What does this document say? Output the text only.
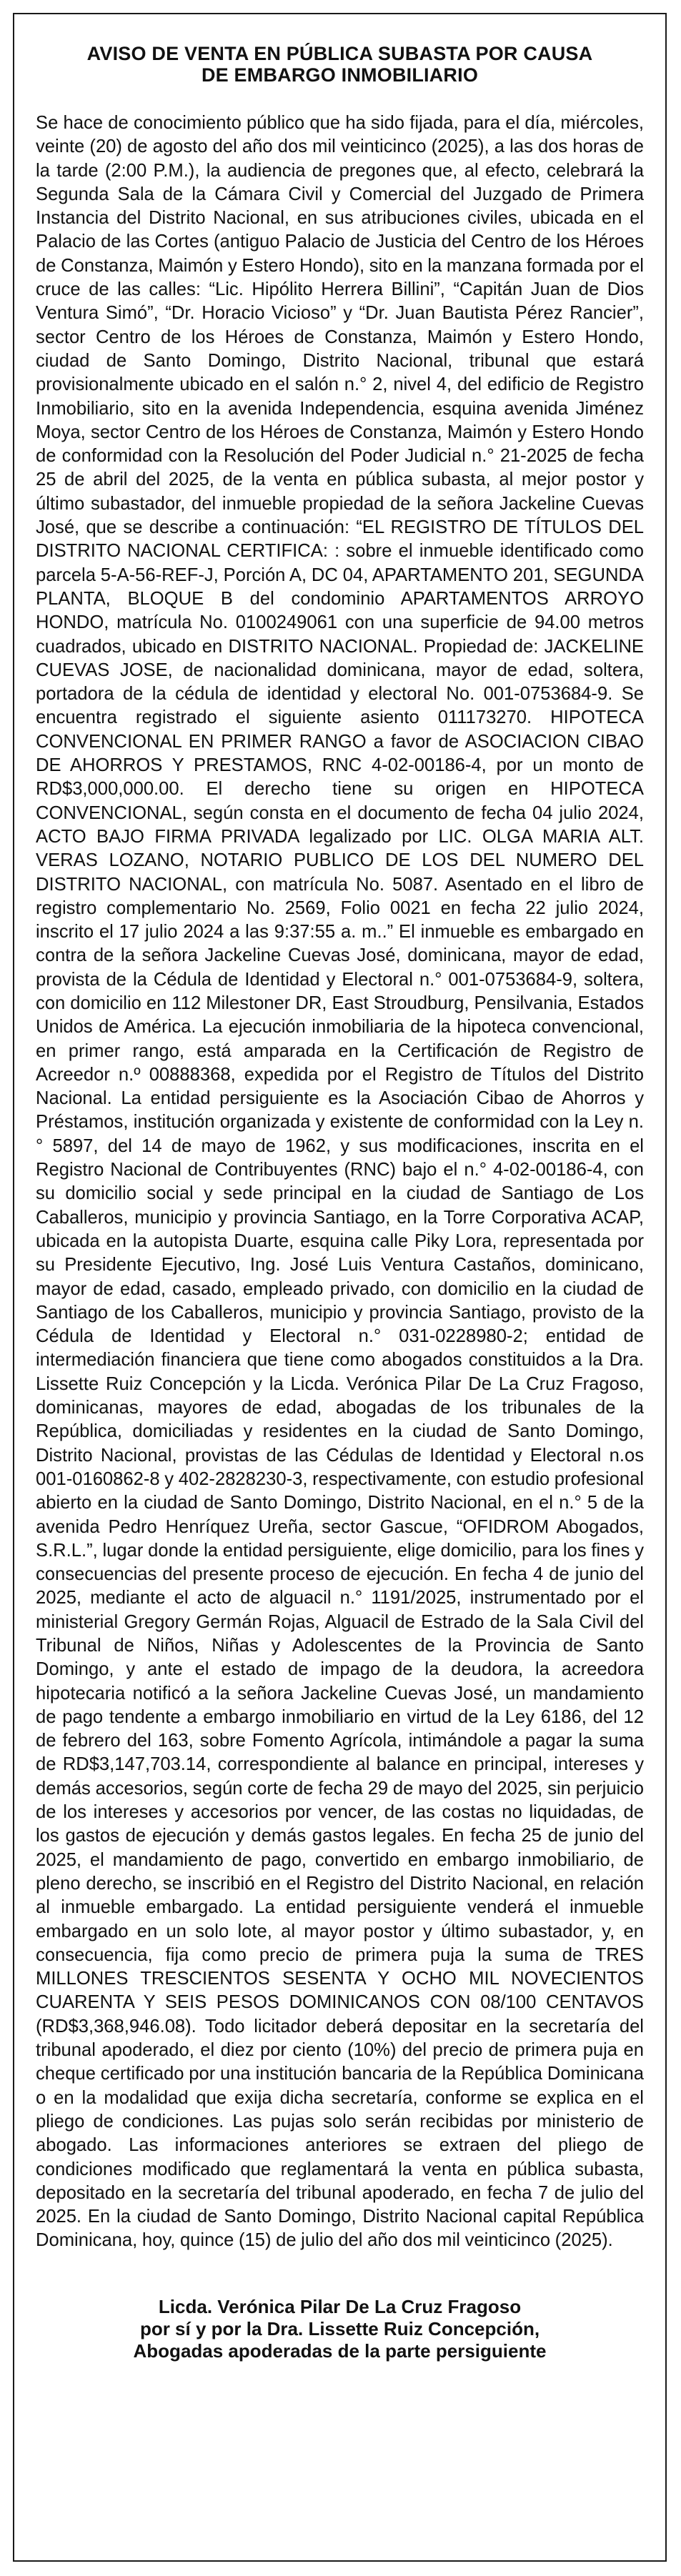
AVISO DE VENTA EN PÚBLICA SUBASTA POR CAUSA
DE EMBARGO INMOBILIARIO
Se hace de conocimiento público que ha sido fijada, para el día, miércoles, veinte (20) de agosto del año dos mil veinticinco (2025), a las dos horas de la tarde (2:00 P.M.), la audiencia de pregones que, al efecto, celebrará la Segunda Sala de la Cámara Civil y Comercial del Juzgado de Primera Instancia del Distrito Nacional, en sus atribuciones civiles, ubicada en el Palacio de las Cortes (antiguo Palacio de Justicia del Centro de los Héroes de Constanza, Maimón y Estero Hondo), sito en la manzana formada por el cruce de las calles: “Lic. Hipólito Herrera Billini”, “Capitán Juan de Dios Ventura Simó”, “Dr. Horacio Vicioso” y “Dr. Juan Bautista Pérez Rancier”, sector Centro de los Héroes de Constanza, Maimón y Estero Hondo, ciudad de Santo Domingo, Distrito Nacional, tribunal que estará provisionalmente ubicado en el salón n.° 2, nivel 4, del edificio de Registro Inmobiliario, sito en la avenida Independencia, esquina avenida Jiménez Moya, sector Centro de los Héroes de Constanza, Maimón y Estero Hondo de conformidad con la Resolución del Poder Judicial n.° 21-2025 de fecha 25 de abril del 2025, de la venta en pública subasta, al mejor postor y último subastador, del inmueble propiedad de la señora Jackeline Cuevas José, que se describe a continuación: “EL REGISTRO DE TÍTULOS DEL DISTRITO NACIONAL CERTIFICA: : sobre el inmueble identificado como parcela 5-A-56-REF-J, Porción A, DC 04, APARTAMENTO 201, SEGUNDA PLANTA, BLOQUE B del condominio APARTAMENTOS ARROYO HONDO, matrícula No. 0100249061 con una superficie de 94.00 metros cuadrados, ubicado en DISTRITO NACIONAL. Propiedad de: JACKELINE CUEVAS JOSE, de nacionalidad dominicana, mayor de edad, soltera, portadora de la cédula de identidad y electoral No. 001-0753684-9. Se encuentra registrado el siguiente asiento 011173270. HIPOTECA CONVENCIONAL EN PRIMER RANGO a favor de ASOCIACION CIBAO DE AHORROS Y PRESTAMOS, RNC 4-02-00186-4, por un monto de RD$3,000,000.00. El derecho tiene su origen en HIPOTECA CONVENCIONAL, según consta en el documento de fecha 04 julio 2024, ACTO BAJO FIRMA PRIVADA legalizado por LIC. OLGA MARIA ALT. VERAS LOZANO, NOTARIO PUBLICO DE LOS DEL NUMERO DEL DISTRITO NACIONAL, con matrícula No. 5087. Asentado en el libro de registro complementario No. 2569, Folio 0021 en fecha 22 julio 2024, inscrito el 17 julio 2024 a las 9:37:55 a. m..” El inmueble es embargado en contra de la señora Jackeline Cuevas José, dominicana, mayor de edad, provista de la Cédula de Identidad y Electoral n.° 001-0753684-9, soltera, con domicilio en 112 Milestoner DR, East Stroudburg, Pensilvania, Estados Unidos de América. La ejecución inmobiliaria de la hipoteca convencional, en primer rango, está amparada en la Certificación de Registro de Acreedor n.º 00888368, expedida por el Registro de Títulos del Distrito Nacional. La entidad persiguiente es la Asociación Cibao de Ahorros y Préstamos, institución organizada y existente de conformidad con la Ley n.° 5897, del 14 de mayo de 1962, y sus modificaciones, inscrita en el Registro Nacional de Contribuyentes (RNC) bajo el n.° 4-02-00186-4, con su domicilio social y sede principal en la ciudad de Santiago de Los Caballeros, municipio y provincia Santiago, en la Torre Corporativa ACAP, ubicada en la autopista Duarte, esquina calle Piky Lora, representada por su Presidente Ejecutivo, Ing. José Luis Ventura Castaños, dominicano, mayor de edad, casado, empleado privado, con domicilio en la ciudad de Santiago de los Caballeros, municipio y provincia Santiago, provisto de la Cédula de Identidad y Electoral n.° 031-0228980-2; entidad de intermediación financiera que tiene como abogados constituidos a la Dra. Lissette Ruiz Concepción y la Licda. Verónica Pilar De La Cruz Fragoso, dominicanas, mayores de edad, abogadas de los tribunales de la República, domiciliadas y residentes en la ciudad de Santo Domingo, Distrito Nacional, provistas de las Cédulas de Identidad y Electoral n.os 001-0160862-8 y 402-2828230-3, respectivamente, con estudio profesional abierto en la ciudad de Santo Domingo, Distrito Nacional, en el n.° 5 de la avenida Pedro Henríquez Ureña, sector Gascue, “OFIDROM Abogados, S.R.L.”, lugar donde la entidad persiguiente, elige domicilio, para los fines y consecuencias del presente proceso de ejecución. En fecha 4 de junio del 2025, mediante el acto de alguacil n.° 1191/2025, instrumentado por el ministerial Gregory Germán Rojas, Alguacil de Estrado de la Sala Civil del Tribunal de Niños, Niñas y Adolescentes de la Provincia de Santo Domingo, y ante el estado de impago de la deudora, la acreedora hipotecaria notificó a la señora Jackeline Cuevas José, un mandamiento de pago tendente a embargo inmobiliario en virtud de la Ley 6186, del 12 de febrero del 163, sobre Fomento Agrícola, intimándole a pagar la suma de RD$3,147,703.14, correspondiente al balance en principal, intereses y demás accesorios, según corte de fecha 29 de mayo del 2025, sin perjuicio de los intereses y accesorios por vencer, de las costas no liquidadas, de los gastos de ejecución y demás gastos legales. En fecha 25 de junio del 2025, el mandamiento de pago, convertido en embargo inmobiliario, de pleno derecho, se inscribió en el Registro del Distrito Nacional, en relación al inmueble embargado. La entidad persiguiente venderá el inmueble embargado en un solo lote, al mayor postor y último subastador, y, en consecuencia, fija como precio de primera puja la suma de TRES MILLONES TRESCIENTOS SESENTA Y OCHO MIL NOVECIENTOS CUARENTA Y SEIS PESOS DOMINICANOS CON 08/100 CENTAVOS (RD$3,368,946.08). Todo licitador deberá depositar en la secretaría del tribunal apoderado, el diez por ciento (10%) del precio de primera puja en cheque certificado por una institución bancaria de la República Dominicana o en la modalidad que exija dicha secretaría, conforme se explica en el pliego de condiciones. Las pujas solo serán recibidas por ministerio de abogado. Las informaciones anteriores se extraen del pliego de condiciones modificado que reglamentará la venta en pública subasta, depositado en la secretaría del tribunal apoderado, en fecha 7 de julio del 2025. En la ciudad de Santo Domingo, Distrito Nacional capital República Dominicana, hoy, quince (15) de julio del año dos mil veinticinco (2025).
Licda. Verónica Pilar De La Cruz Fragoso
por sí y por la Dra. Lissette Ruiz Concepción,
Abogadas apoderadas de la parte persiguiente
